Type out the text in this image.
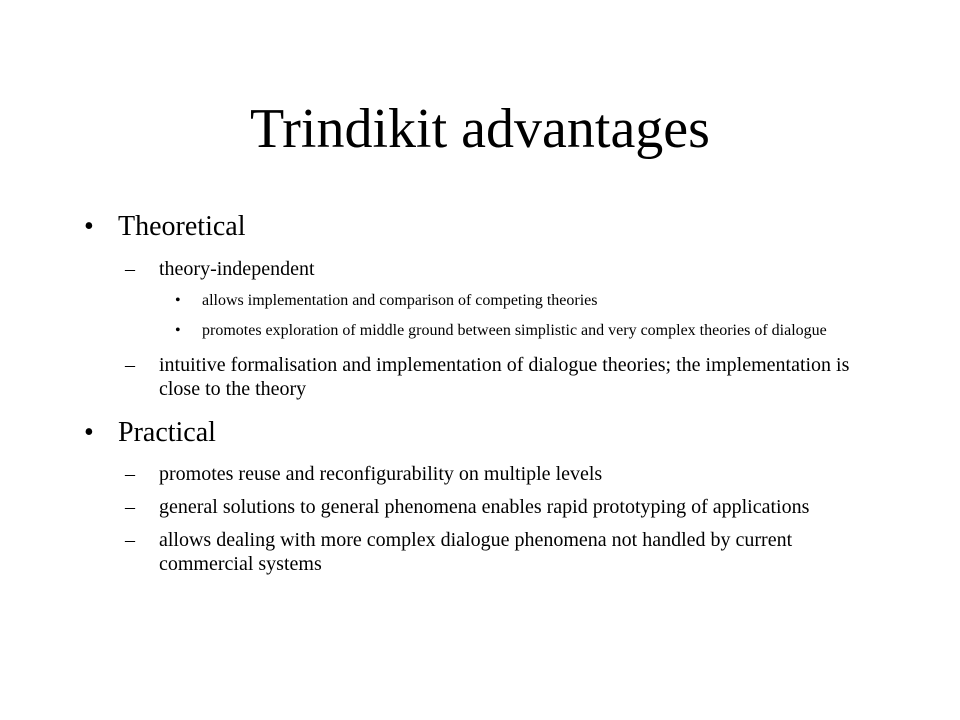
Trindikit advantages
• Theoretical
– theory-independent
• allows implementation and comparison of competing theories
• promotes exploration of middle ground between simplistic and very complex theories of dialogue
– intuitive formalisation and implementation of dialogue theories; the implementation is close to the theory
• Practical
– promotes reuse and reconfigurability on multiple levels
– general solutions to general phenomena enables rapid prototyping of applications
– allows dealing with more complex dialogue phenomena not handled by current commercial systems
